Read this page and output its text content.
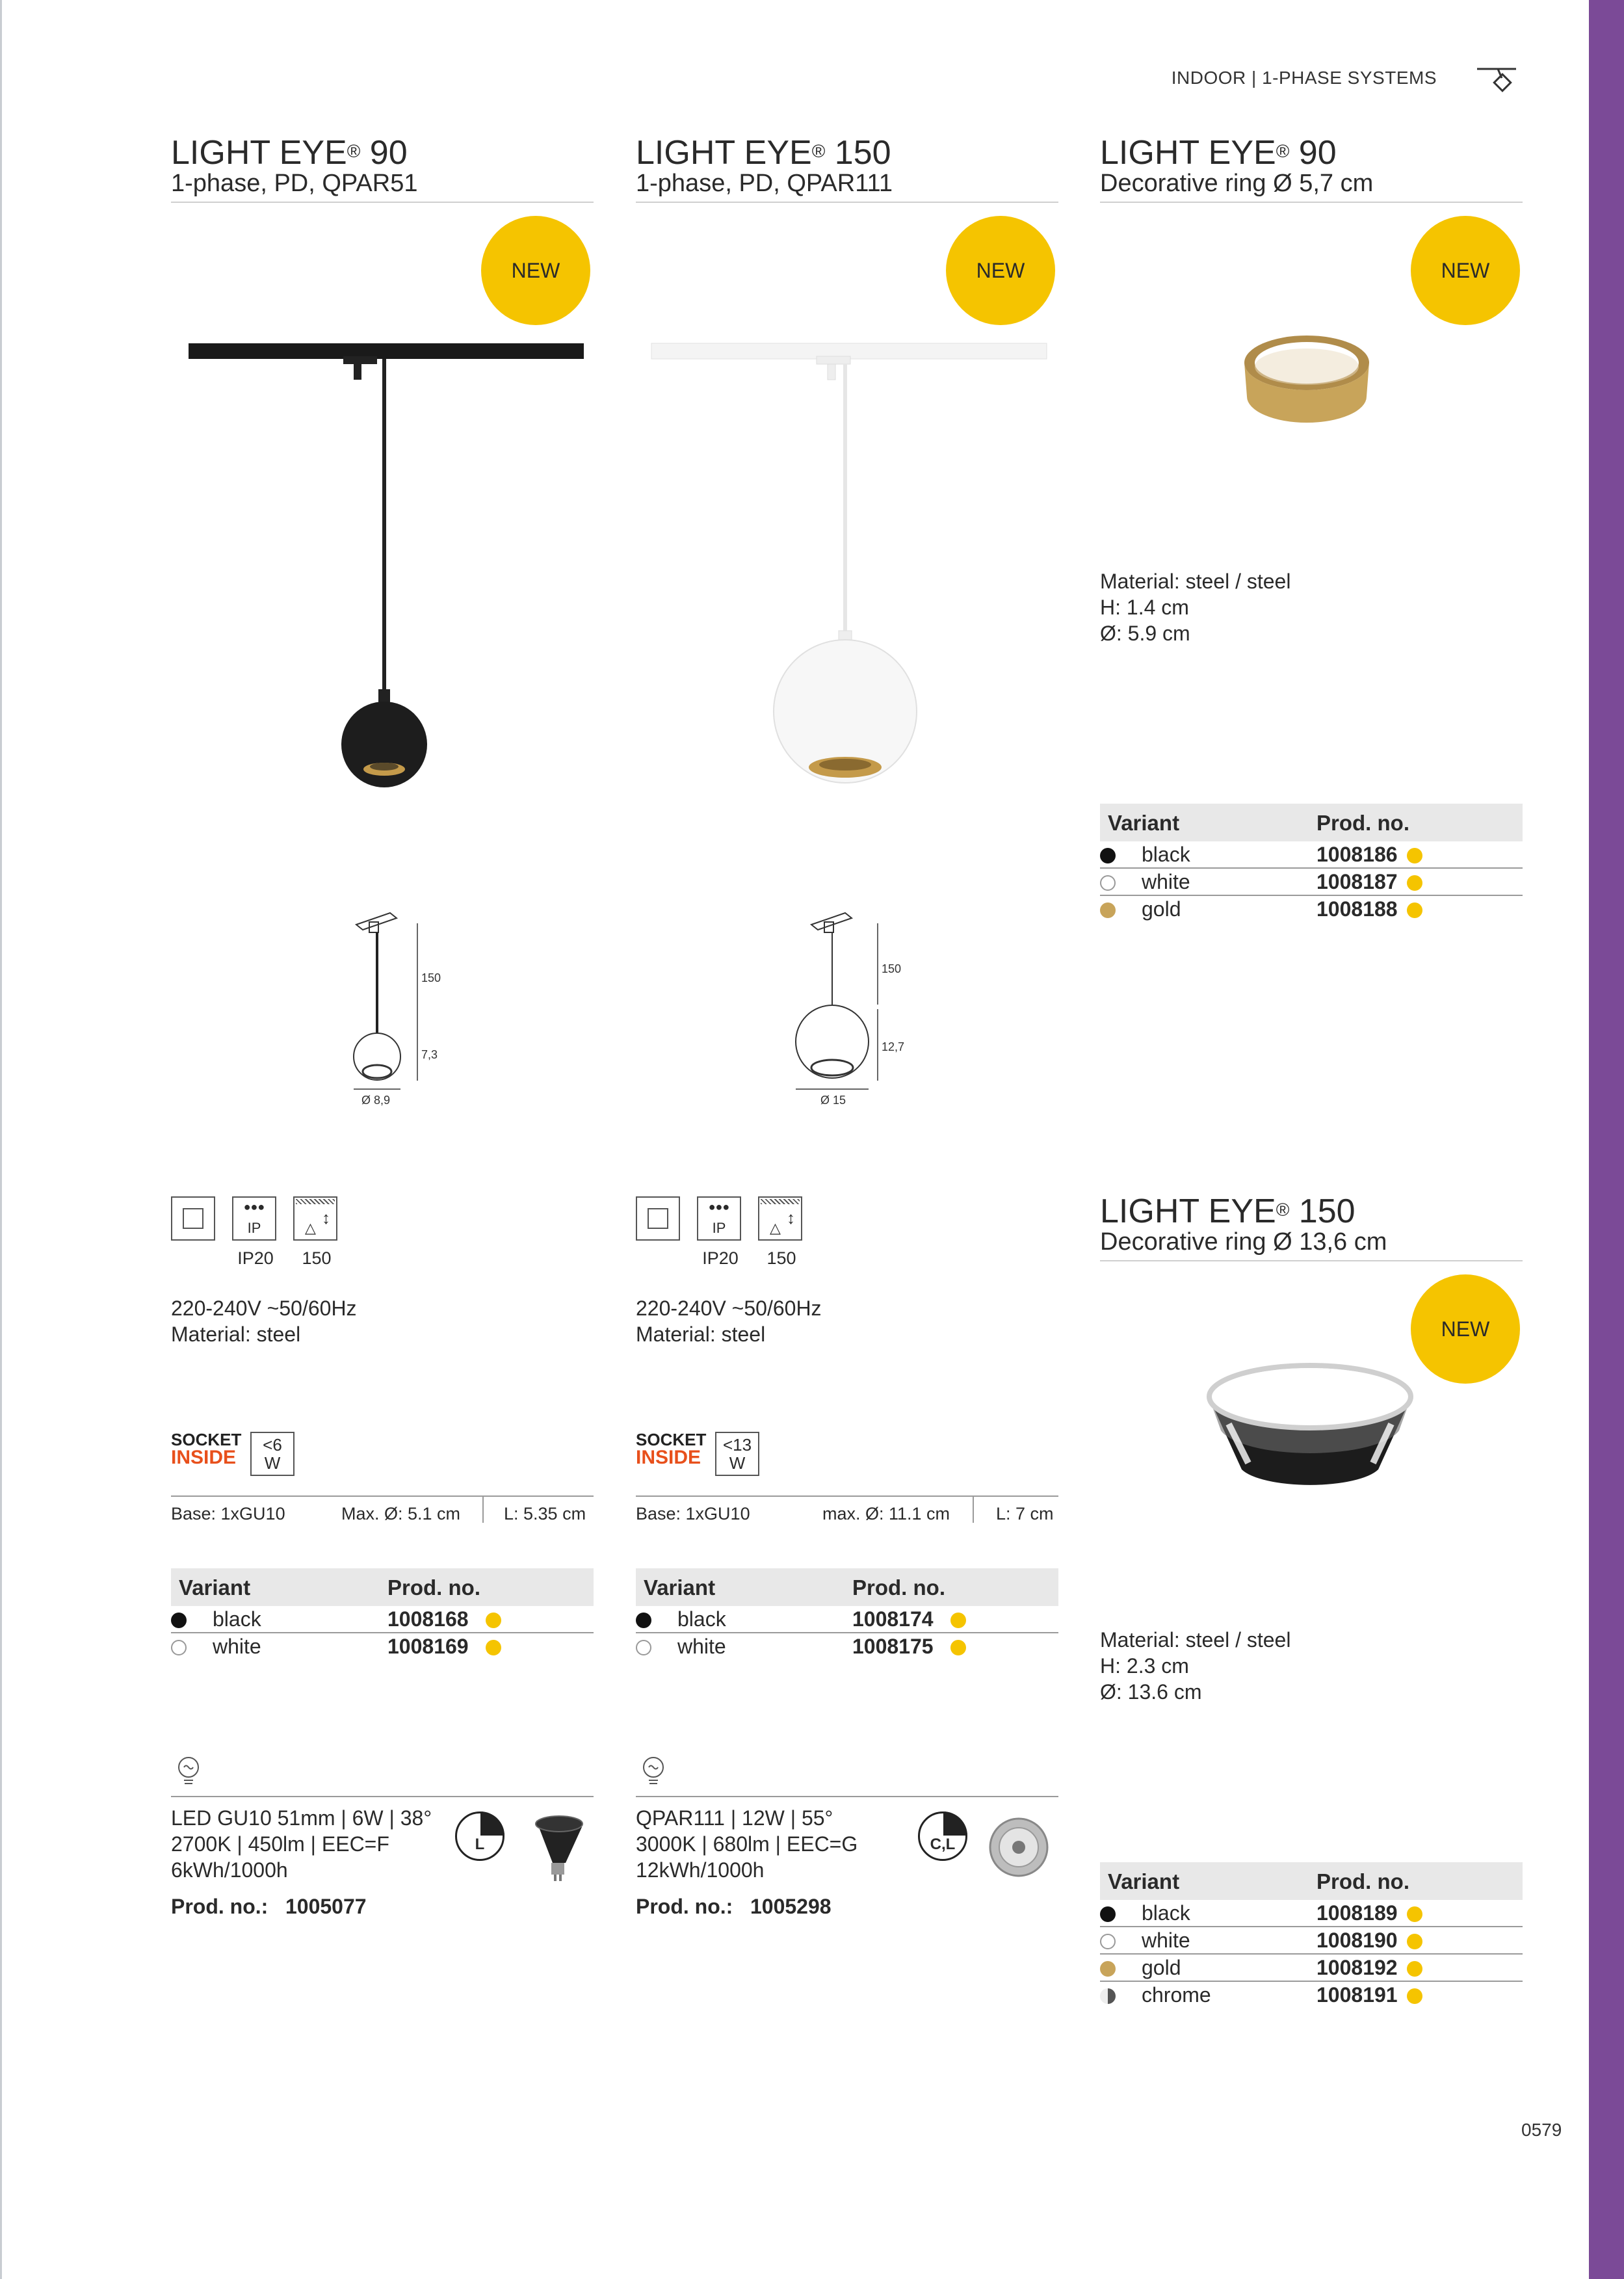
INDOOR | 1-PHASE SYSTEMS
LIGHT EYE® 90
1-phase, PD, QPAR51
NEW
150
7,3
Ø 8,9
●●●
IP	△
↕
IP20	150
220-240V ~50/60Hz
Material: steel
SOCKET
INSIDE
<6
W
Base: 1xGU10	Max. Ø: 5.1 cm L: 5.35 cm
Variant	Prod. no.
black	1008168
white	1008169
LED GU10 51mm | 6W | 38°
2700K | 450lm | EEC=F
6kWh/1000h
L
Prod. no.: 1005077
LIGHT EYE® 150
1-phase, PD, QPAR111
NEW
150
12,7
Ø 15
●●●
IP	△
↕
IP20	150
220-240V ~50/60Hz
Material: steel
SOCKET
INSIDE
<13
W
Base: 1xGU10	max. Ø: 11.1 cm	L: 7 cm
Variant	Prod. no.
black	1008174
white	1008175
QPAR111 | 12W | 55°
3000K | 680lm | EEC=G
12kWh/1000h
C,L
Prod. no.: 1005298
LIGHT EYE® 90
Decorative ring Ø 5,7 cm
NEW
Material: steel / steel
H: 1.4 cm
Ø: 5.9 cm
Variant	Prod. no.
black	1008186
white	1008187
gold	1008188
LIGHT EYE® 150
Decorative ring Ø 13,6 cm
NEW
Material: steel / steel
H: 2.3 cm
Ø: 13.6 cm
Variant	Prod. no.
black	1008189
white	1008190
gold	1008192
chrome	1008191
0579
